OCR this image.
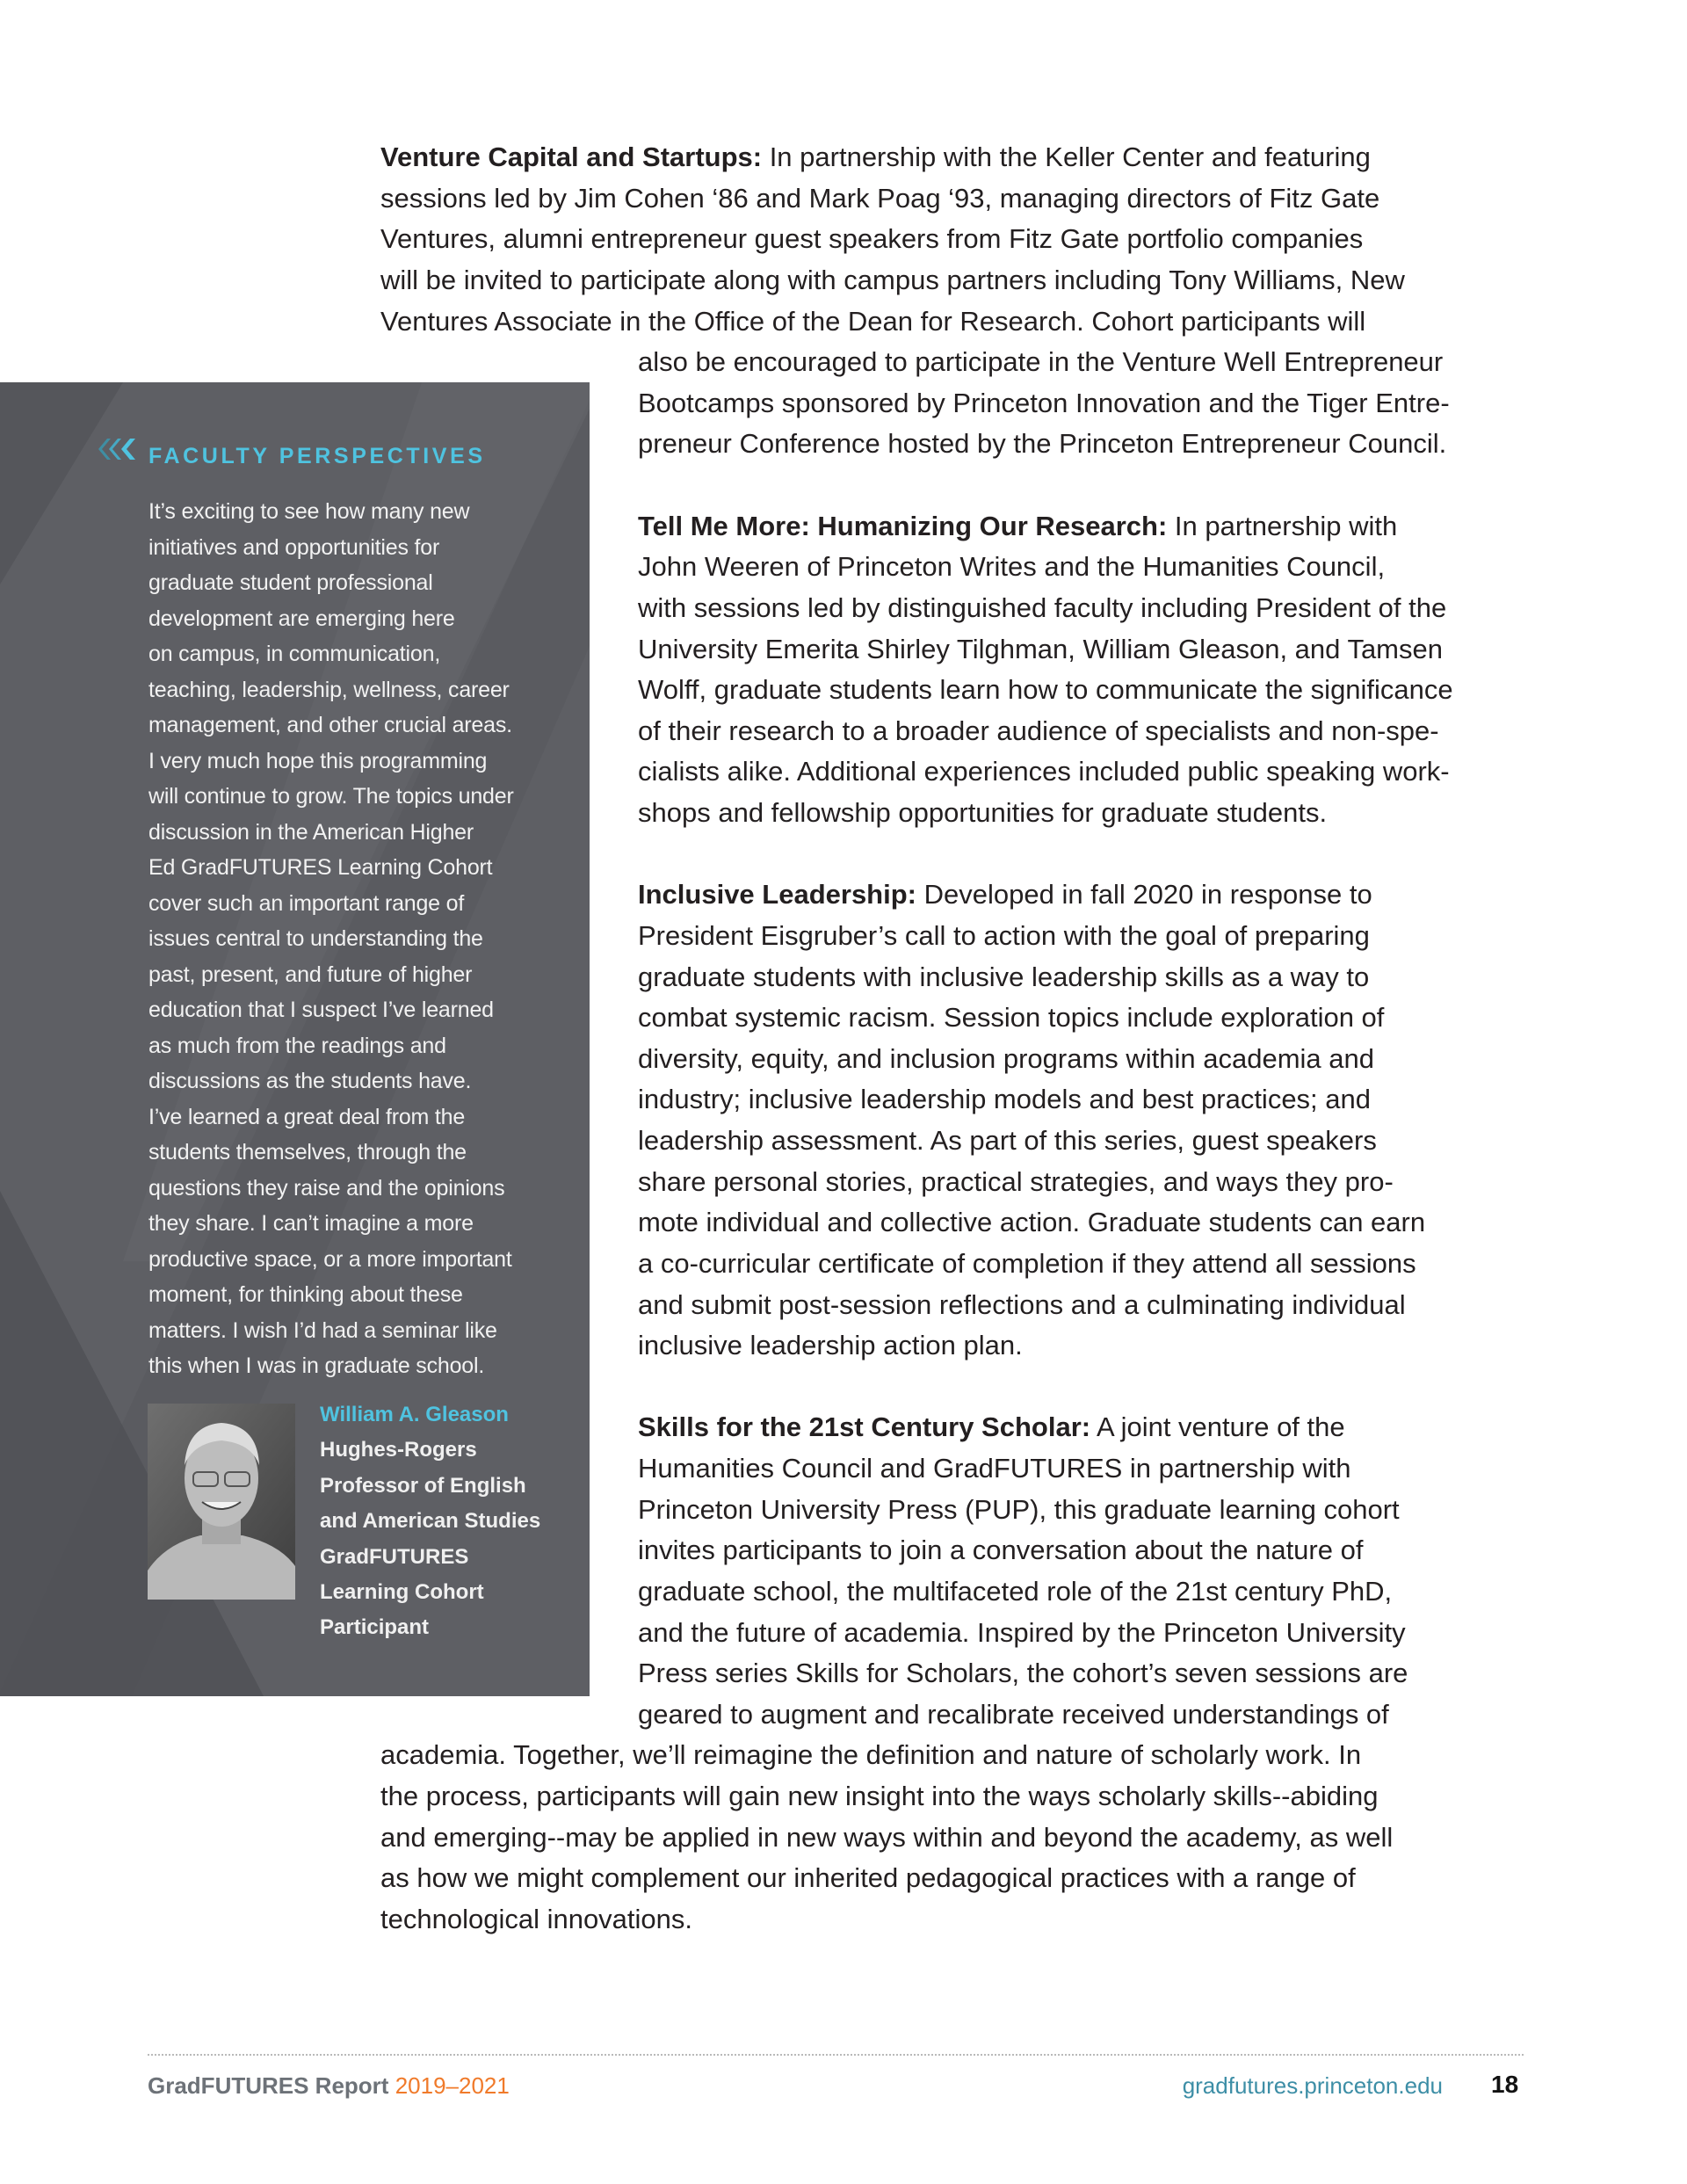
Venture Capital and Startups: In partnership with the Keller Center and featuring
sessions led by Jim Cohen ‘86 and Mark Poag ‘93, managing directors of Fitz Gate
Ventures, alumni entrepreneur guest speakers from Fitz Gate portfolio companies
will be invited to participate along with campus partners including Tony Williams, New
Ventures Associate in the Office of the Dean for Research. Cohort participants will
also be encouraged to participate in the Venture Well Entrepreneur
Bootcamps sponsored by Princeton Innovation and the Tiger Entre-
preneur Conference hosted by the Princeton Entrepreneur Council.
Tell Me More: Humanizing Our Research: In partnership with
John Weeren of Princeton Writes and the Humanities Council,
with sessions led by distinguished faculty including President of the
University Emerita Shirley Tilghman, William Gleason, and Tamsen
Wolff, graduate students learn how to communicate the significance
of their research to a broader audience of specialists and non-spe-
cialists alike. Additional experiences included public speaking work-
shops and fellowship opportunities for graduate students.
Inclusive Leadership: Developed in fall 2020 in response to
President Eisgruber’s call to action with the goal of preparing
graduate students with inclusive leadership skills as a way to
combat systemic racism. Session topics include exploration of
diversity, equity, and inclusion programs within academia and
industry; inclusive leadership models and best practices; and
leadership assessment. As part of this series, guest speakers
share personal stories, practical strategies, and ways they pro-
mote individual and collective action. Graduate students can earn
a co-curricular certificate of completion if they attend all sessions
and submit post-session reflections and a culminating individual
inclusive leadership action plan.
Skills for the 21st Century Scholar: A joint venture of the
Humanities Council and GradFUTURES in partnership with
Princeton University Press (PUP), this graduate learning cohort
invites participants to join a conversation about the nature of
graduate school, the multifaceted role of the 21st century PhD,
and the future of academia. Inspired by the Princeton University
Press series Skills for Scholars, the cohort’s seven sessions are
geared to augment and recalibrate received understandings of
academia. Together, we’ll reimagine the definition and nature of scholarly work. In
the process, participants will gain new insight into the ways scholarly skills--abiding
and emerging--may be applied in new ways within and beyond the academy, as well
as how we might complement our inherited pedagogical practices with a range of
technological innovations.
FACULTY PERSPECTIVES
It’s exciting to see how many new
initiatives and opportunities for
graduate student professional
development are emerging here
on campus, in communication,
teaching, leadership, wellness, career
management, and other crucial areas.
I very much hope this programming
will continue to grow. The topics under
discussion in the American Higher
Ed GradFUTURES Learning Cohort
cover such an important range of
issues central to understanding the
past, present, and future of higher
education that I suspect I’ve learned
as much from the readings and
discussions as the students have.
I’ve learned a great deal from the
students themselves, through the
questions they raise and the opinions
they share. I can’t imagine a more
productive space, or a more important
moment, for thinking about these
matters. I wish I’d had a seminar like
this when I was in graduate school.
William A. Gleason
Hughes-Rogers
Professor of English
and American Studies
GradFUTURES
Learning Cohort
Participant
GradFUTURES Report 2019–2021	gradfutures.princeton.edu 18
